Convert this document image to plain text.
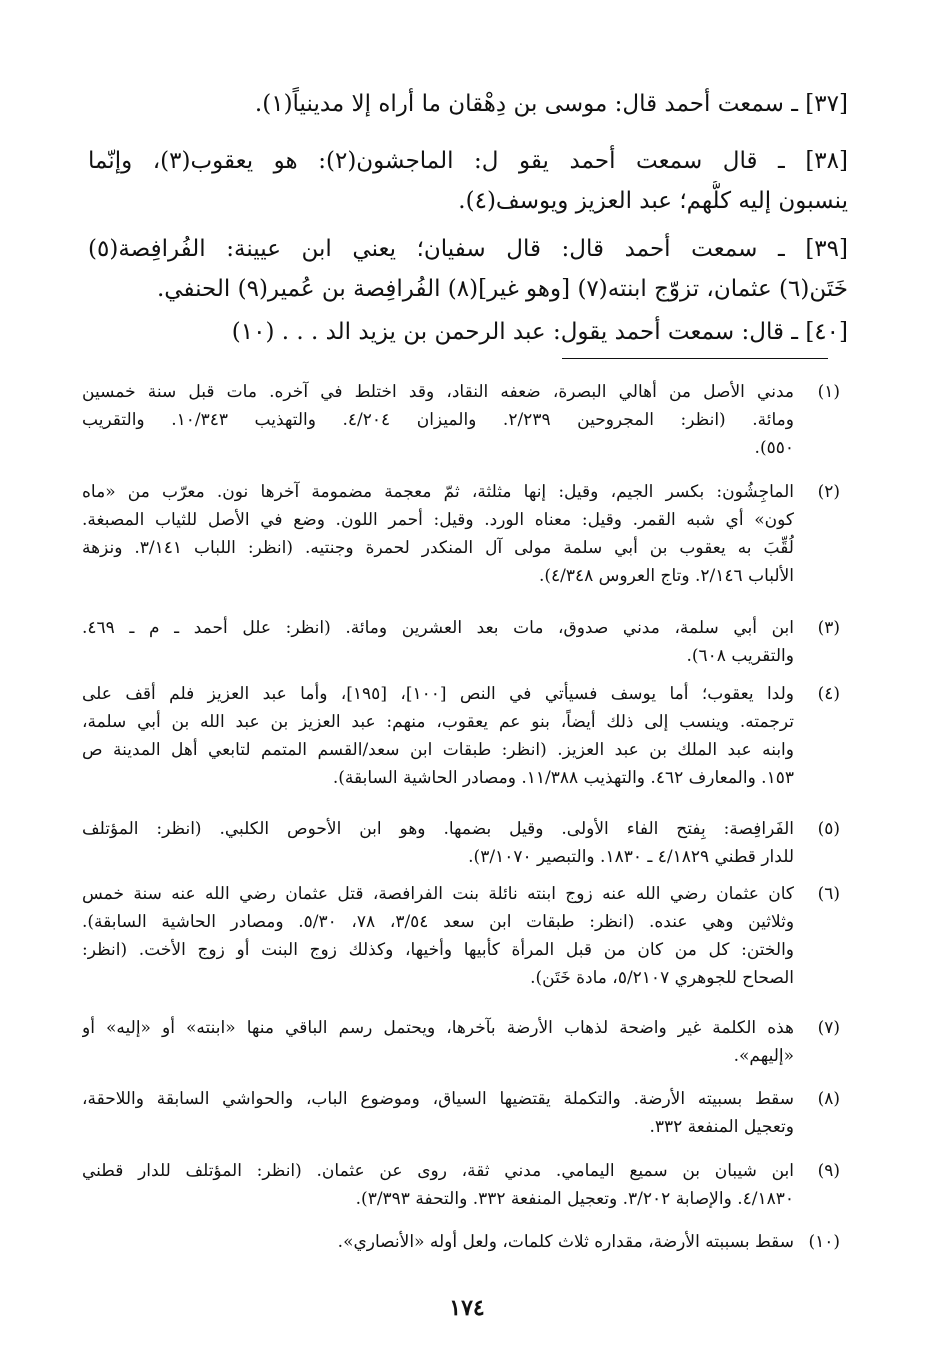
[٣٧] ـ سمعت أحمد قال: موسى بن دِهْقان ما أراه إلا مدينياً(١).
[٣٨] ـ قال سمعت أحمد يقو ل: الماجشون(٢): هو يعقوب(٣)، وإنّما
ينسبون إليه كلُّهم؛ عبد العزيز ويوسف(٤).
[٣٩] ـ سمعت أحمد قال: قال سفيان؛ يعني ابن عيينة: الفُرافِصة(٥)
خَتَن(٦) عثمان، تزوّج ابنته(٧) [وهو غير](٨) الفُرافِصة بن عُمير(٩) الحنفي.
[٤٠] ـ قال: سمعت أحمد يقول: عبد الرحمن بن يزيد الد . . . (١٠)
(١)
مدني الأصل من أهالي البصرة، ضعفه النقاد، وقد اختلط في آخره. مات قبل سنة خمسين
ومائة. (انظر: المجروحين ٢/٢٣٩. والميزان ٤/٢٠٤. والتهذيب ١٠/٣٤٣. والتقريب
٥٥٠).
(٢)
الماجِشُون: بكسر الجيم، وقيل: إنها مثلثة، ثمّ معجمة مضمومة آخرها نون. معرّب من «ماه
كون» أي شبه القمر. وقيل: معناه الورد. وقيل: أحمر اللون. وضع في الأصل للثياب المصبغة.
لُقِّبَ به يعقوب بن أبي سلمة مولى آل المنكدر لحمرة وجنتيه. (انظر: اللباب ٣/١٤١. ونزهة
الألباب ٢/١٤٦. وتاج العروس ٤/٣٤٨).
(٣)
ابن أبي سلمة، مدني صدوق، مات بعد العشرين ومائة. (انظر: علل أحمد ـ م ـ ٤٦٩.
والتقريب ٦٠٨).
(٤)
ولدا يعقوب؛ أما يوسف فسيأتي في النص [١٠٠]، [١٩٥]، وأما عبد العزيز فلم أقف على
ترجمته. وينسب إلى ذلك أيضاً، بنو عم يعقوب، منهم: عبد العزيز بن عبد الله بن أبي سلمة،
وابنه عبد الملك بن عبد العزيز. (انظر: طبقات ابن سعد/القسم المتمم لتابعي أهل المدينة ص
١٥٣. والمعارف ٤٦٢. والتهذيب ١١/٣٨٨. ومصادر الحاشية السابقة).
(٥)
الفَرافِصة: بِفتح الفاء الأولى. وقيل بضمها. وهو ابن الأحوص الكلبي. (انظر: المؤتلف
للدار قطني ٤/١٨٢٩ ـ ١٨٣٠. والتبصير ٣/١٠٧٠).
(٦)
كان عثمان رضي الله عنه زوج ابنته نائلة بنت الفرافصة، قتل عثمان رضي الله عنه سنة خمس
وثلاثين وهي عنده. (انظر: طبقات ابن سعد ٣/٥٤، ٧٨، ٥/٣٠. ومصادر الحاشية السابقة).
والختن: كل من كان من قبل المرأة كأبيها وأخيها، وكذلك زوج البنت أو زوج الأخت. (انظر:
الصحاح للجوهري ٥/٢١٠٧، مادة خَتَن).
(٧)
هذه الكلمة غير واضحة لذهاب الأرضة بآخرها، ويحتمل رسم الباقي منها «ابنته» أو «إليه» أو
«إليهم».
(٨)
سقط بسبيته الأرضة. والتكملة يقتضيها السياق، وموضوع الباب، والحواشي السابقة واللاحقة،
وتعجيل المنفعة ٣٣٢.
(٩)
ابن شيبان بن سميع اليمامي. مدني ثقة، روى عن عثمان. (انظر: المؤتلف للدار قطني
٤/١٨٣٠. والإصابة ٣/٢٠٢. وتعجيل المنفعة ٣٣٢. والتحفة ٣/٣٩٣).
(١٠)
سقط بسببته الأرضة، مقداره ثلاث كلمات، ولعل أوله «الأنصاري».
١٧٤
